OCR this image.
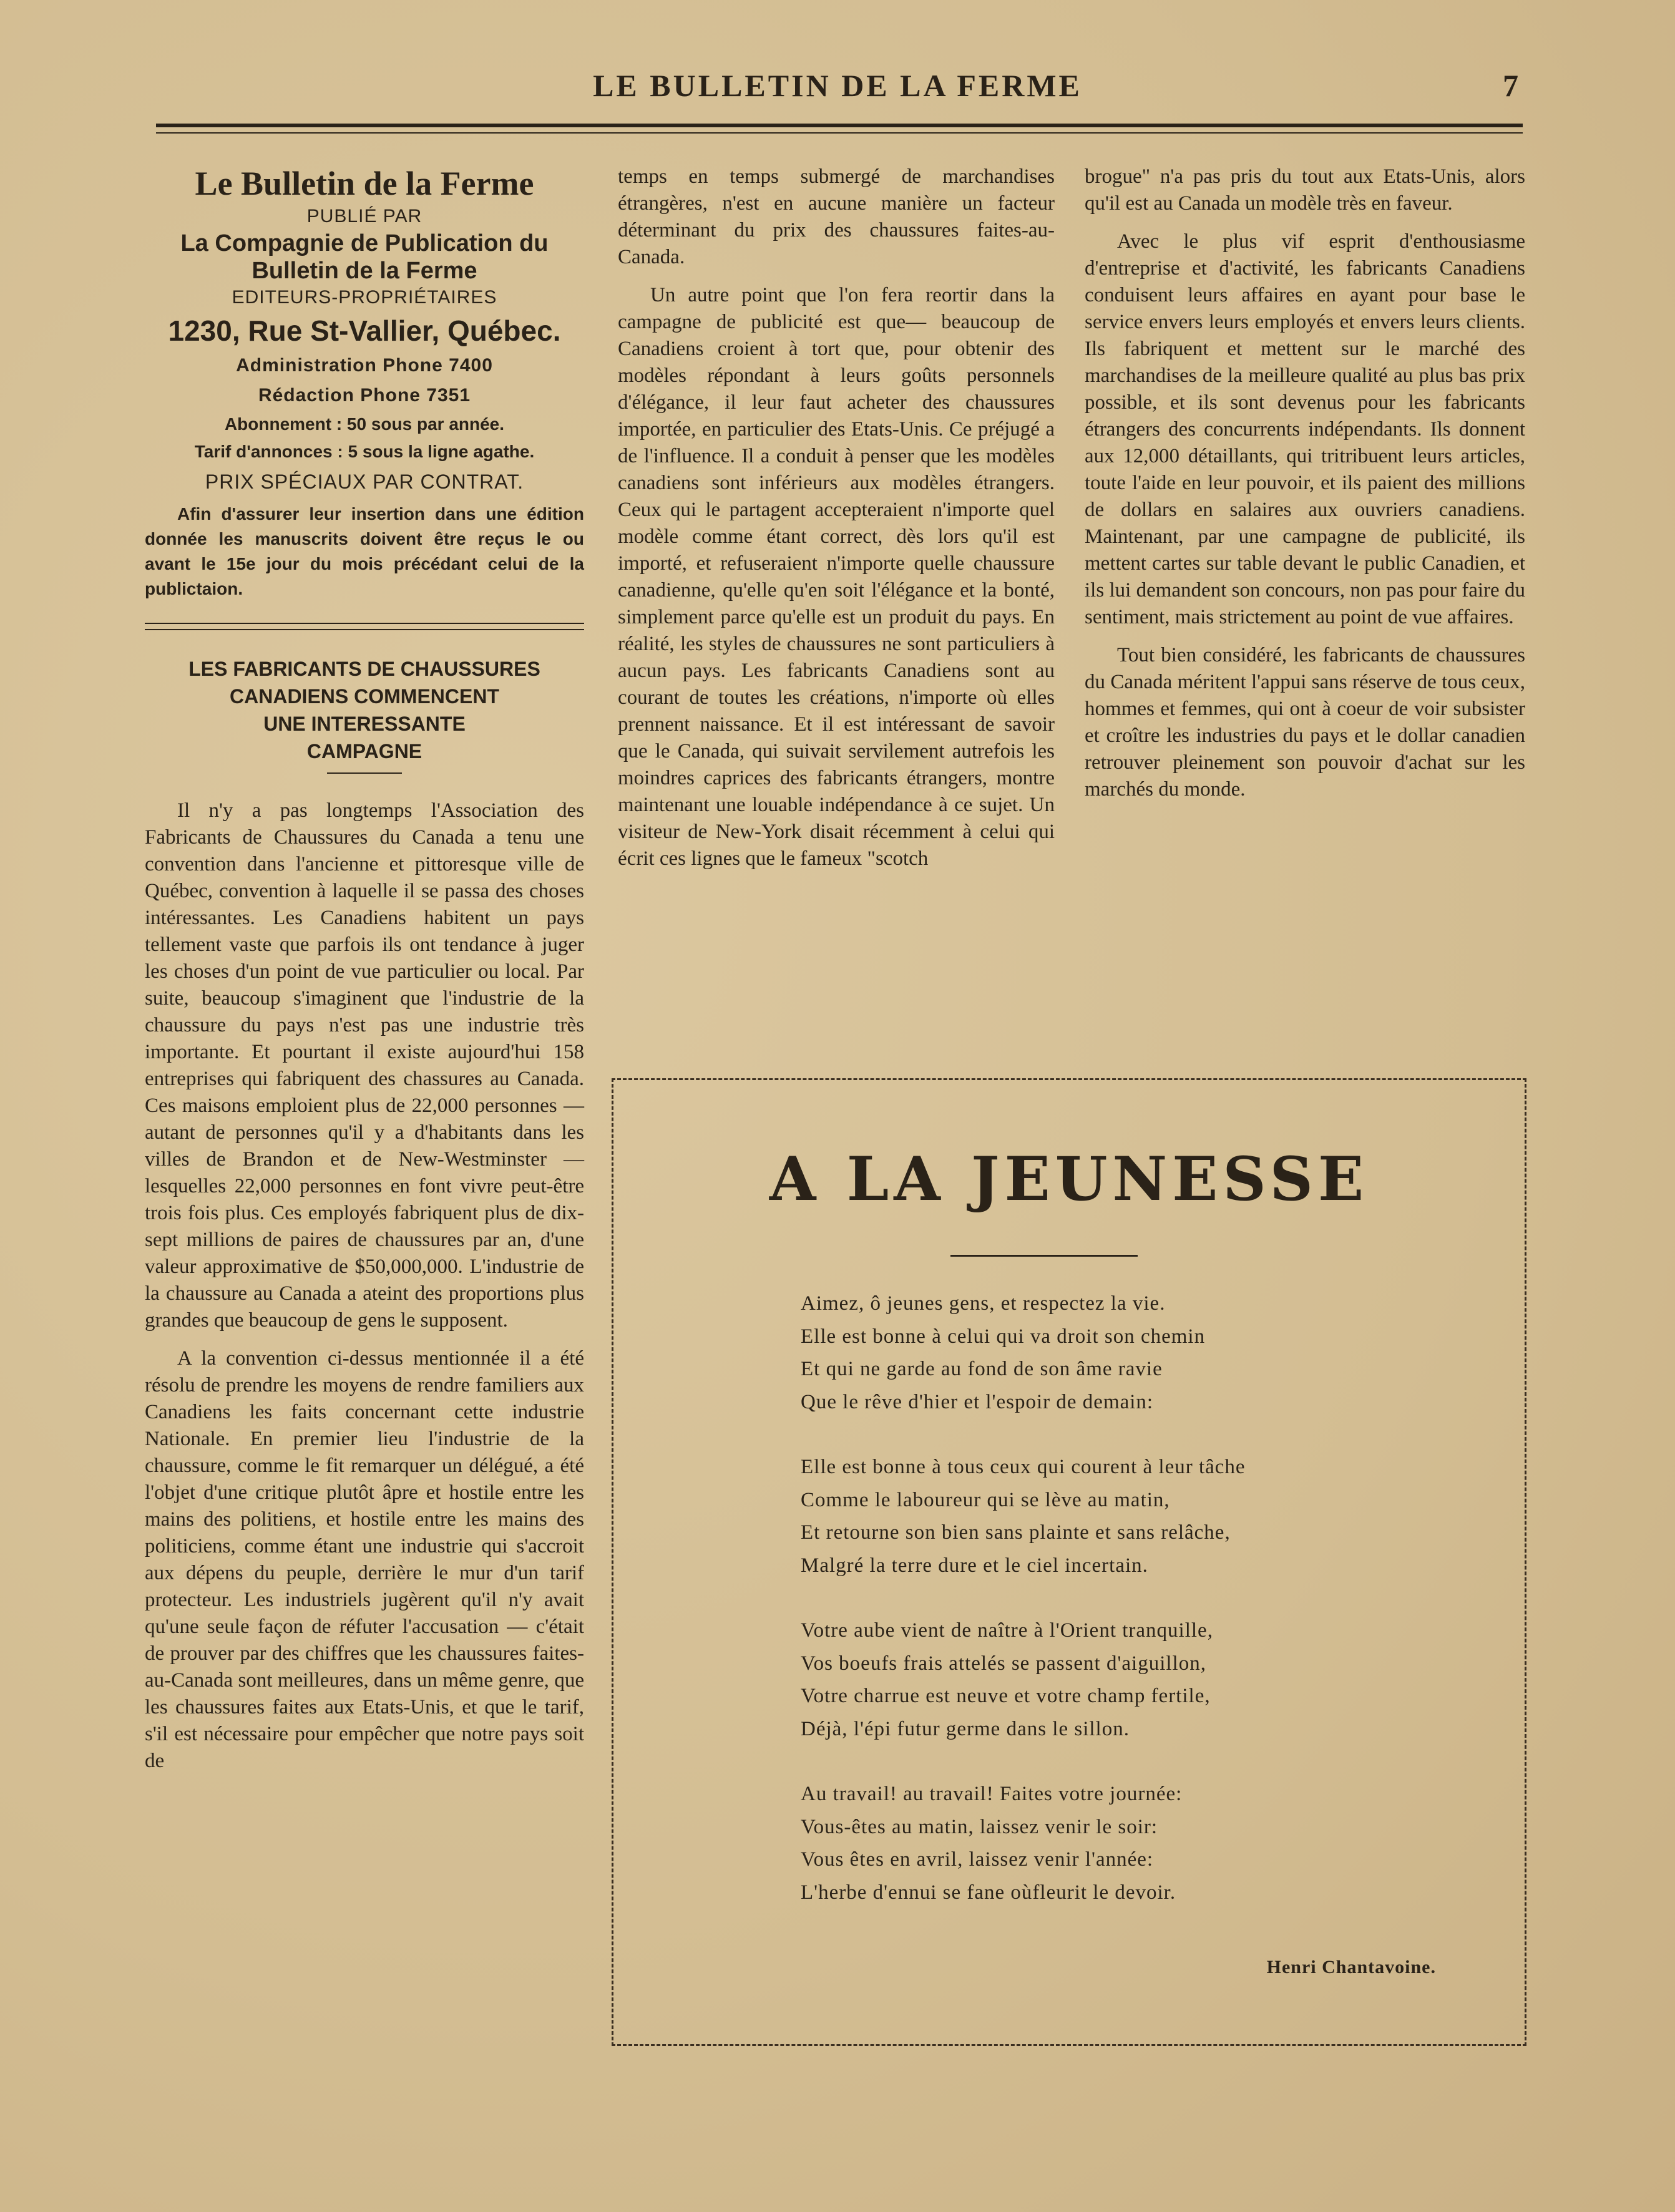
LE BULLETIN DE LA FERME	7
Le Bulletin de la Ferme
PUBLIÉ PAR
La Compagnie de Publication du
Bulletin de la Ferme
EDITEURS-PROPRIÉTAIRES
1230, Rue St-Vallier, Québec.
Administration Phone 7400
Rédaction Phone 7351
Abonnement : 50 sous par année.
Tarif d'annonces : 5 sous la ligne agathe.
PRIX SPÉCIAUX PAR CONTRAT.
Afin d'assurer leur insertion dans une édition donnée les manuscrits doivent être reçus le ou avant le 15e jour du mois précédant celui de la publictaion.
LES FABRICANTS DE CHAUSSURES
CANADIENS COMMENCENT
UNE INTERESSANTE
CAMPAGNE

Il n'y a pas longtemps l'Association des Fabricants de Chaussures du Canada a tenu une convention dans l'ancienne et pittoresque ville de Québec, convention à laquelle il se passa des choses intéressantes. Les Canadiens habitent un pays tellement vaste que parfois ils ont tendance à juger les choses d'un point de vue particulier ou local. Par suite, beaucoup s'imaginent que l'industrie de la chaussure du pays n'est pas une industrie très importante. Et pourtant il existe aujourd'hui 158 entreprises qui fabriquent des chassures au Canada. Ces maisons emploient plus de 22,000 personnes — autant de personnes qu'il y a d'habitants dans les villes de Brandon et de New-Westminster — lesquelles 22,000 personnes en font vivre peut-être trois fois plus. Ces employés fabriquent plus de dix-sept millions de paires de chaussures par an, d'une valeur approximative de $50,000,000. L'industrie de la chaussure au Canada a ateint des proportions plus grandes que beaucoup de gens le supposent.

A la convention ci-dessus mentionnée il a été résolu de prendre les moyens de rendre familiers aux Canadiens les faits concernant cette industrie Nationale. En premier lieu l'industrie de la chaussure, comme le fit remarquer un délégué, a été l'objet d'une critique plutôt âpre et hostile entre les mains des politiens, et hostile entre les mains des politiciens, comme étant une industrie qui s'accroit aux dépens du peuple, derrière le mur d'un tarif protecteur. Les industriels jugèrent qu'il n'y avait qu'une seule façon de réfuter l'accusation — c'était de prouver par des chiffres que les chaussures faites-au-Canada sont meilleures, dans un même genre, que les chaussures faites aux Etats-Unis, et que le tarif, s'il est nécessaire pour empêcher que notre pays soit de

temps en temps submergé de marchandises étrangères, n'est en aucune manière un facteur déterminant du prix des chaussures faites-au-Canada.

Un autre point que l'on fera reortir dans la campagne de publicité est que— beaucoup de Canadiens croient à tort que, pour obtenir des modèles répondant à leurs goûts personnels d'élégance, il leur faut acheter des chaussures importée, en particulier des Etats-Unis. Ce préjugé a de l'influence. Il a conduit à penser que les modèles canadiens sont inférieurs aux modèles étrangers. Ceux qui le partagent accepteraient n'importe quel modèle comme étant correct, dès lors qu'il est importé, et refuseraient n'importe quelle chaussure canadienne, qu'elle qu'en soit l'élégance et la bonté, simplement parce qu'elle est un produit du pays. En réalité, les styles de chaussures ne sont particuliers à aucun pays. Les fabricants Canadiens sont au courant de toutes les créations, n'importe où elles prennent naissance. Et il est intéressant de savoir que le Canada, qui suivait servilement autrefois les moindres caprices des fabricants étrangers, montre maintenant une louable indépendance à ce sujet. Un visiteur de New-York disait récemment à celui qui écrit ces lignes que le fameux "scotch

brogue" n'a pas pris du tout aux Etats-Unis, alors qu'il est au Canada un modèle très en faveur.

Avec le plus vif esprit d'enthousiasme d'entreprise et d'activité, les fabricants Canadiens conduisent leurs affaires en ayant pour base le service envers leurs employés et envers leurs clients. Ils fabriquent et mettent sur le marché des marchandises de la meilleure qualité au plus bas prix possible, et ils sont devenus pour les fabricants étrangers des concurrents indépendants. Ils donnent aux 12,000 détaillants, qui tritribuent leurs articles, toute l'aide en leur pouvoir, et ils paient des millions de dollars en salaires aux ouvriers canadiens. Maintenant, par une campagne de publicité, ils mettent cartes sur table devant le public Canadien, et ils lui demandent son concours, non pas pour faire du sentiment, mais strictement au point de vue affaires.

Tout bien considéré, les fabricants de chaussures du Canada méritent l'appui sans réserve de tous ceux, hommes et femmes, qui ont à coeur de voir subsister et croître les industries du pays et le dollar canadien retrouver pleinement son pouvoir d'achat sur les marchés du monde.

A LA JEUNESSE
Aimez, ô jeunes gens, et respectez la vie.
Elle est bonne à celui qui va droit son chemin
Et qui ne garde au fond de son âme ravie
Que le rêve d'hier et l'espoir de demain:
Elle est bonne à tous ceux qui courent à leur tâche
Comme le laboureur qui se lève au matin,
Et retourne son bien sans plainte et sans relâche,
Malgré la terre dure et le ciel incertain.
Votre aube vient de naître à l'Orient tranquille,
Vos boeufs frais attelés se passent d'aiguillon,
Votre charrue est neuve et votre champ fertile,
Déjà, l'épi futur germe dans le sillon.
Au travail! au travail! Faites votre journée:
Vous-êtes au matin, laissez venir le soir:
Vous êtes en avril, laissez venir l'année:
L'herbe d'ennui se fane oùfleurit le devoir.
Henri Chantavoine.
